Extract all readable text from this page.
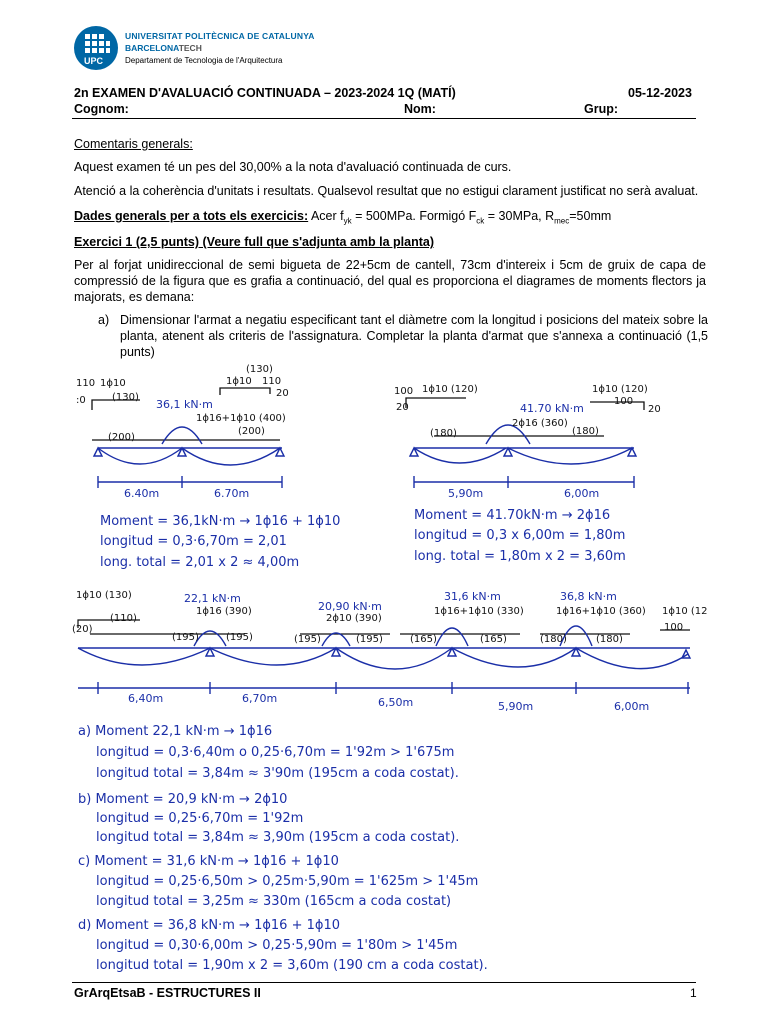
UPC
UNIVERSITAT POLITÈCNICA DE CATALUNYA
BARCELONATECH
Departament de Tecnologia de l'Arquitectura
2n EXAMEN D'AVALUACIÓ CONTINUADA – 2023-2024 1Q (MATÍ)	05-12-2023
Cognom:	Nom:	Grup:
Comentaris generals:
Aquest examen té un pes del 30,00% a la nota d'avaluació continuada de curs.
Atenció a la coherència d'unitats i resultats. Qualsevol resultat que no estigui clarament justificat no serà avaluat.
Dades generals per a tots els exercicis: Acer $f_{yk} = 500MPa$. Formigó $F_{ck} = 30MPa$, $R_{mec}=50mm$
Exercici 1 (2,5 punts) (Veure full que s'adjunta amb la planta)
Per al forjat unidireccional de semi bigueta de 22+5cm de cantell, 73cm d'intereix i 5cm de gruix de capa de compressió de la figura que es grafia a continuació, del qual es proporciona el diagrames de moments flectors ja majorats, es demana:
a) Dimensionar l'armat a negatiu especificant tant el diàmetre com la longitud i posicions del mateix sobre la planta, atenent als criteris de l'assignatura. Completar la planta d'armat que s'annexa a continuació (1,5 punts)
110 1ϕ10
:0	(130)
(130)
1ϕ10 110
20
36,1 kN·m
1ϕ16+1ϕ10 (400)
(200)
(200)
6.40m	6.70m
Moment = 36,1kN·m → 1ϕ16 + 1ϕ10
longitud = 0,3·6,70m = 2,01
long. total = 2,01 x 2 ≈ 4,00m
100 1ϕ10 (120)
20
1ϕ10 (120)
100
20
41.70 kN·m
2ϕ16 (360)
(180)	(180)
5,90m	6,00m
Moment = 41.70kN·m → 2ϕ16
longitud = 0,3 x 6,00m = 1,80m
long. total = 1,80m x 2 = 3,60m
1ϕ10 (130)
(20)
(110)
22,1 kN·m
1ϕ16 (390)	20,90 kN·m
2ϕ10 (390)
31,6 kN·m
1ϕ16+1ϕ10 (330)
36,8 kN·m
1ϕ16+1ϕ10 (360) 1ϕ10 (12
100
(195)	(195)	(195)	(195)	(165)	(165)	(180)	(180)
6,40m	6,70m	6,50m	5,90m	6,00m
a) Moment 22,1 kN·m → 1ϕ16
longitud = 0,3·6,40m o 0,25·6,70m = 1'92m > 1'675m
longitud total = 3,84m ≈ 3'90m (195cm a coda costat).
b) Moment = 20,9 kN·m → 2ϕ10
longitud = 0,25·6,70m = 1'92m
longitud total = 3,84m ≈ 3,90m (195cm a coda costat).
c) Moment = 31,6 kN·m → 1ϕ16 + 1ϕ10
longitud = 0,25·6,50m > 0,25m·5,90m = 1'625m > 1'45m
longitud total = 3,25m ≈ 330m (165cm a coda costat)
d) Moment = 36,8 kN·m → 1ϕ16 + 1ϕ10
longitud = 0,30·6,00m > 0,25·5,90m = 1'80m > 1'45m
longitud total = 1,90m x 2 = 3,60m (190 cm a coda costat).
GrArqEtsaB - ESTRUCTURES II	1
